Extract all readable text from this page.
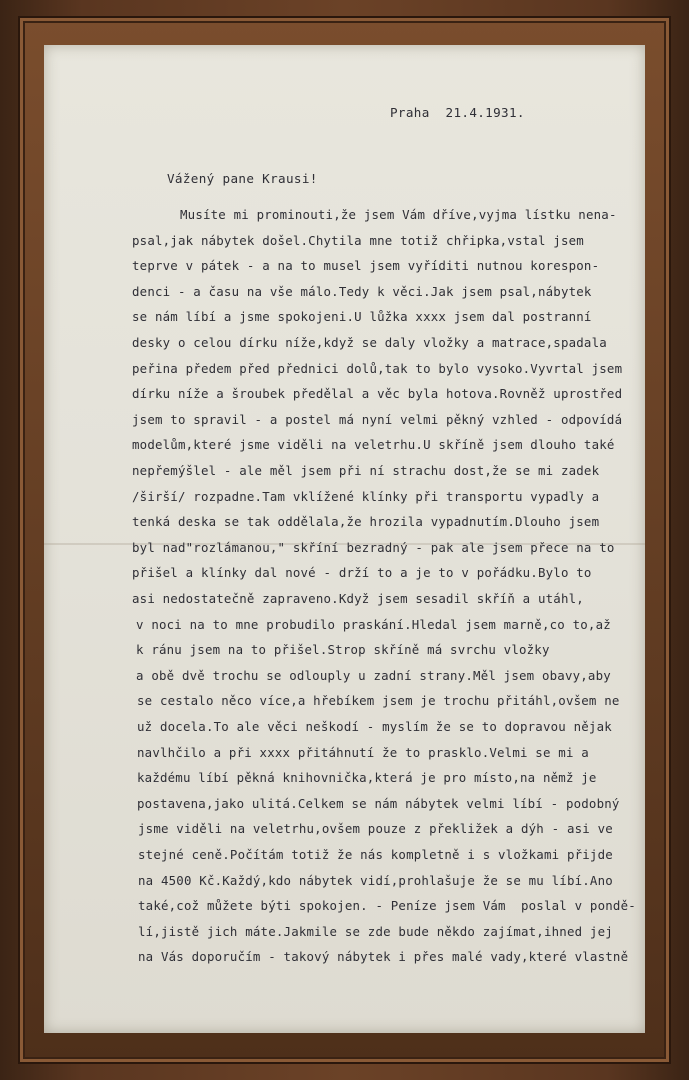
Praha  21.4.1931.
Vážený pane Krausi!
Musíte mi prominouti,že jsem Vám dříve,vyjma lístku nena-
psal,jak nábytek došel.Chytila mne totiž chřipka,vstal jsem
teprve v pátek - a na to musel jsem vyříditi nutnou korespon-
denci - a času na vše málo.Tedy k věci.Jak jsem psal,nábytek
se nám líbí a jsme spokojeni.U lůžka xxxx jsem dal postranní
desky o celou dírku níže,když se daly vložky a matrace,spadala
peřina předem před přednici dolů,tak to bylo vysoko.Vyvrtal jsem
dírku níže a šroubek předělal a věc byla hotova.Rovněž uprostřed
jsem to spravil - a postel má nyní velmi pěkný vzhled - odpovídá
modelům,které jsme viděli na veletrhu.U skříně jsem dlouho také
nepřemýšlel - ale měl jsem při ní strachu dost,že se mi zadek
/širší/ rozpadne.Tam vklížené klínky při transportu vypadly a
tenká deska se tak oddělala,že hrozila vypadnutím.Dlouho jsem
byl nad"rozlámanou," skříní bezradný - pak ale jsem přece na to
přišel a klínky dal nové - drží to a je to v pořádku.Bylo to
asi nedostatečně zapraveno.Když jsem sesadil skříň a utáhl,
v noci na to mne probudilo praskání.Hledal jsem marně,co to,až
k ránu jsem na to přišel.Strop skříně má svrchu vložky
a obě dvě trochu se odlouply u zadní strany.Měl jsem obavy,aby
se cestalo něco více,a hřebíkem jsem je trochu přitáhl,ovšem ne
už docela.To ale věci neškodí - myslím že se to dopravou nějak
navlhčilo a při xxxx přitáhnutí že to prasklo.Velmi se mi a
každému líbí pěkná knihovnička,která je pro místo,na němž je
postavena,jako ulitá.Celkem se nám nábytek velmi líbí - podobný
jsme viděli na veletrhu,ovšem pouze z překližek a dýh - asi ve
stejné ceně.Počítám totiž že nás kompletně i s vložkami přijde
na 4500 Kč.Každý,kdo nábytek vidí,prohlašuje že se mu líbí.Ano
také,což můžete býti spokojen. - Peníze jsem Vám  poslal v pondě-
lí,jistě jich máte.Jakmile se zde bude někdo zajímat,ihned jej
na Vás doporučím - takový nábytek i přes malé vady,které vlastně
